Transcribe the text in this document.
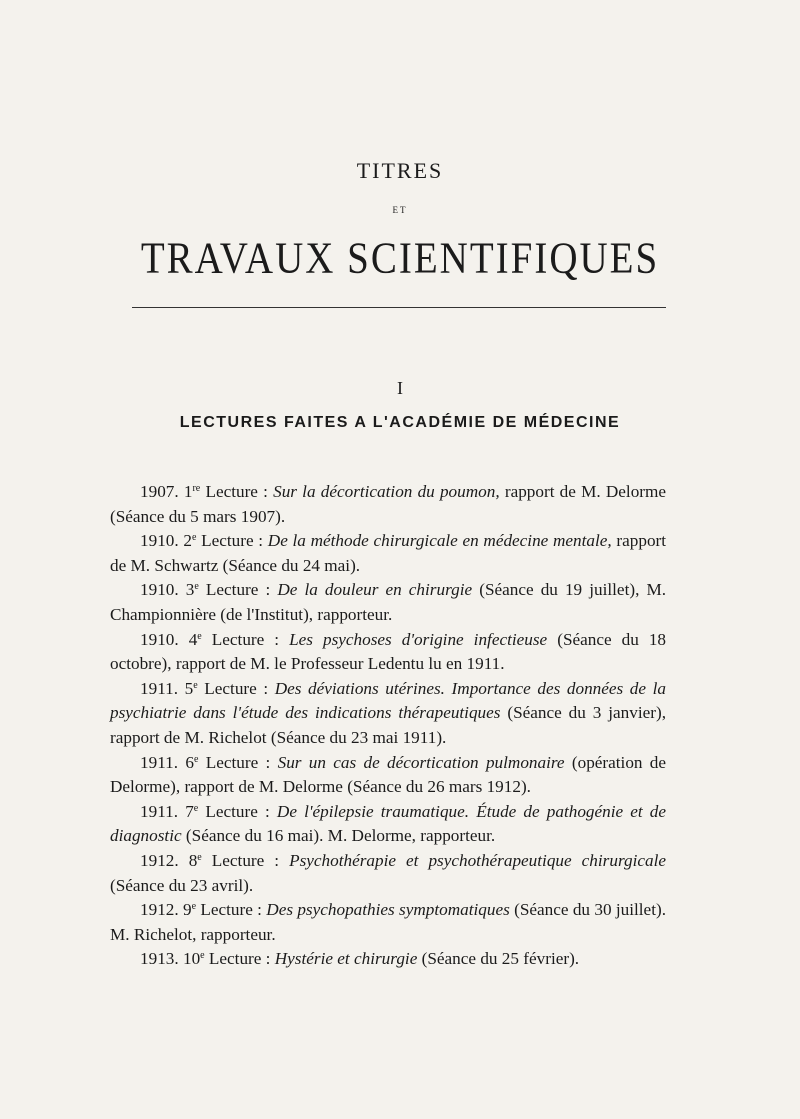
TITRES
ET
TRAVAUX SCIENTIFIQUES
I
LECTURES FAITES A L'ACADÉMIE DE MÉDECINE

1907. 1re Lecture : Sur la décortication du poumon, rapport de M. Delorme (Séance du 5 mars 1907).

1910. 2e Lecture : De la méthode chirurgicale en médecine mentale, rapport de M. Schwartz (Séance du 24 mai).

1910. 3e Lecture : De la douleur en chirurgie (Séance du 19 juillet), M. Championnière (de l'Institut), rapporteur.

1910. 4e Lecture : Les psychoses d'origine infectieuse (Séance du 18 octobre), rapport de M. le Professeur Ledentu lu en 1911.

1911. 5e Lecture : Des déviations utérines. Importance des données de la psychiatrie dans l'étude des indications thérapeutiques (Séance du 3 janvier), rapport de M. Richelot (Séance du 23 mai 1911).

1911. 6e Lecture : Sur un cas de décortication pulmonaire (opération de Delorme), rapport de M. Delorme (Séance du 26 mars 1912).

1911. 7e Lecture : De l'épilepsie traumatique. Étude de pathogénie et de diagnostic (Séance du 16 mai). M. Delorme, rapporteur.

1912. 8e Lecture : Psychothérapie et psychothérapeutique chirurgicale (Séance du 23 avril).

1912. 9e Lecture : Des psychopathies symptomatiques (Séance du 30 juillet). M. Richelot, rapporteur.

1913. 10e Lecture : Hystérie et chirurgie (Séance du 25 février).
